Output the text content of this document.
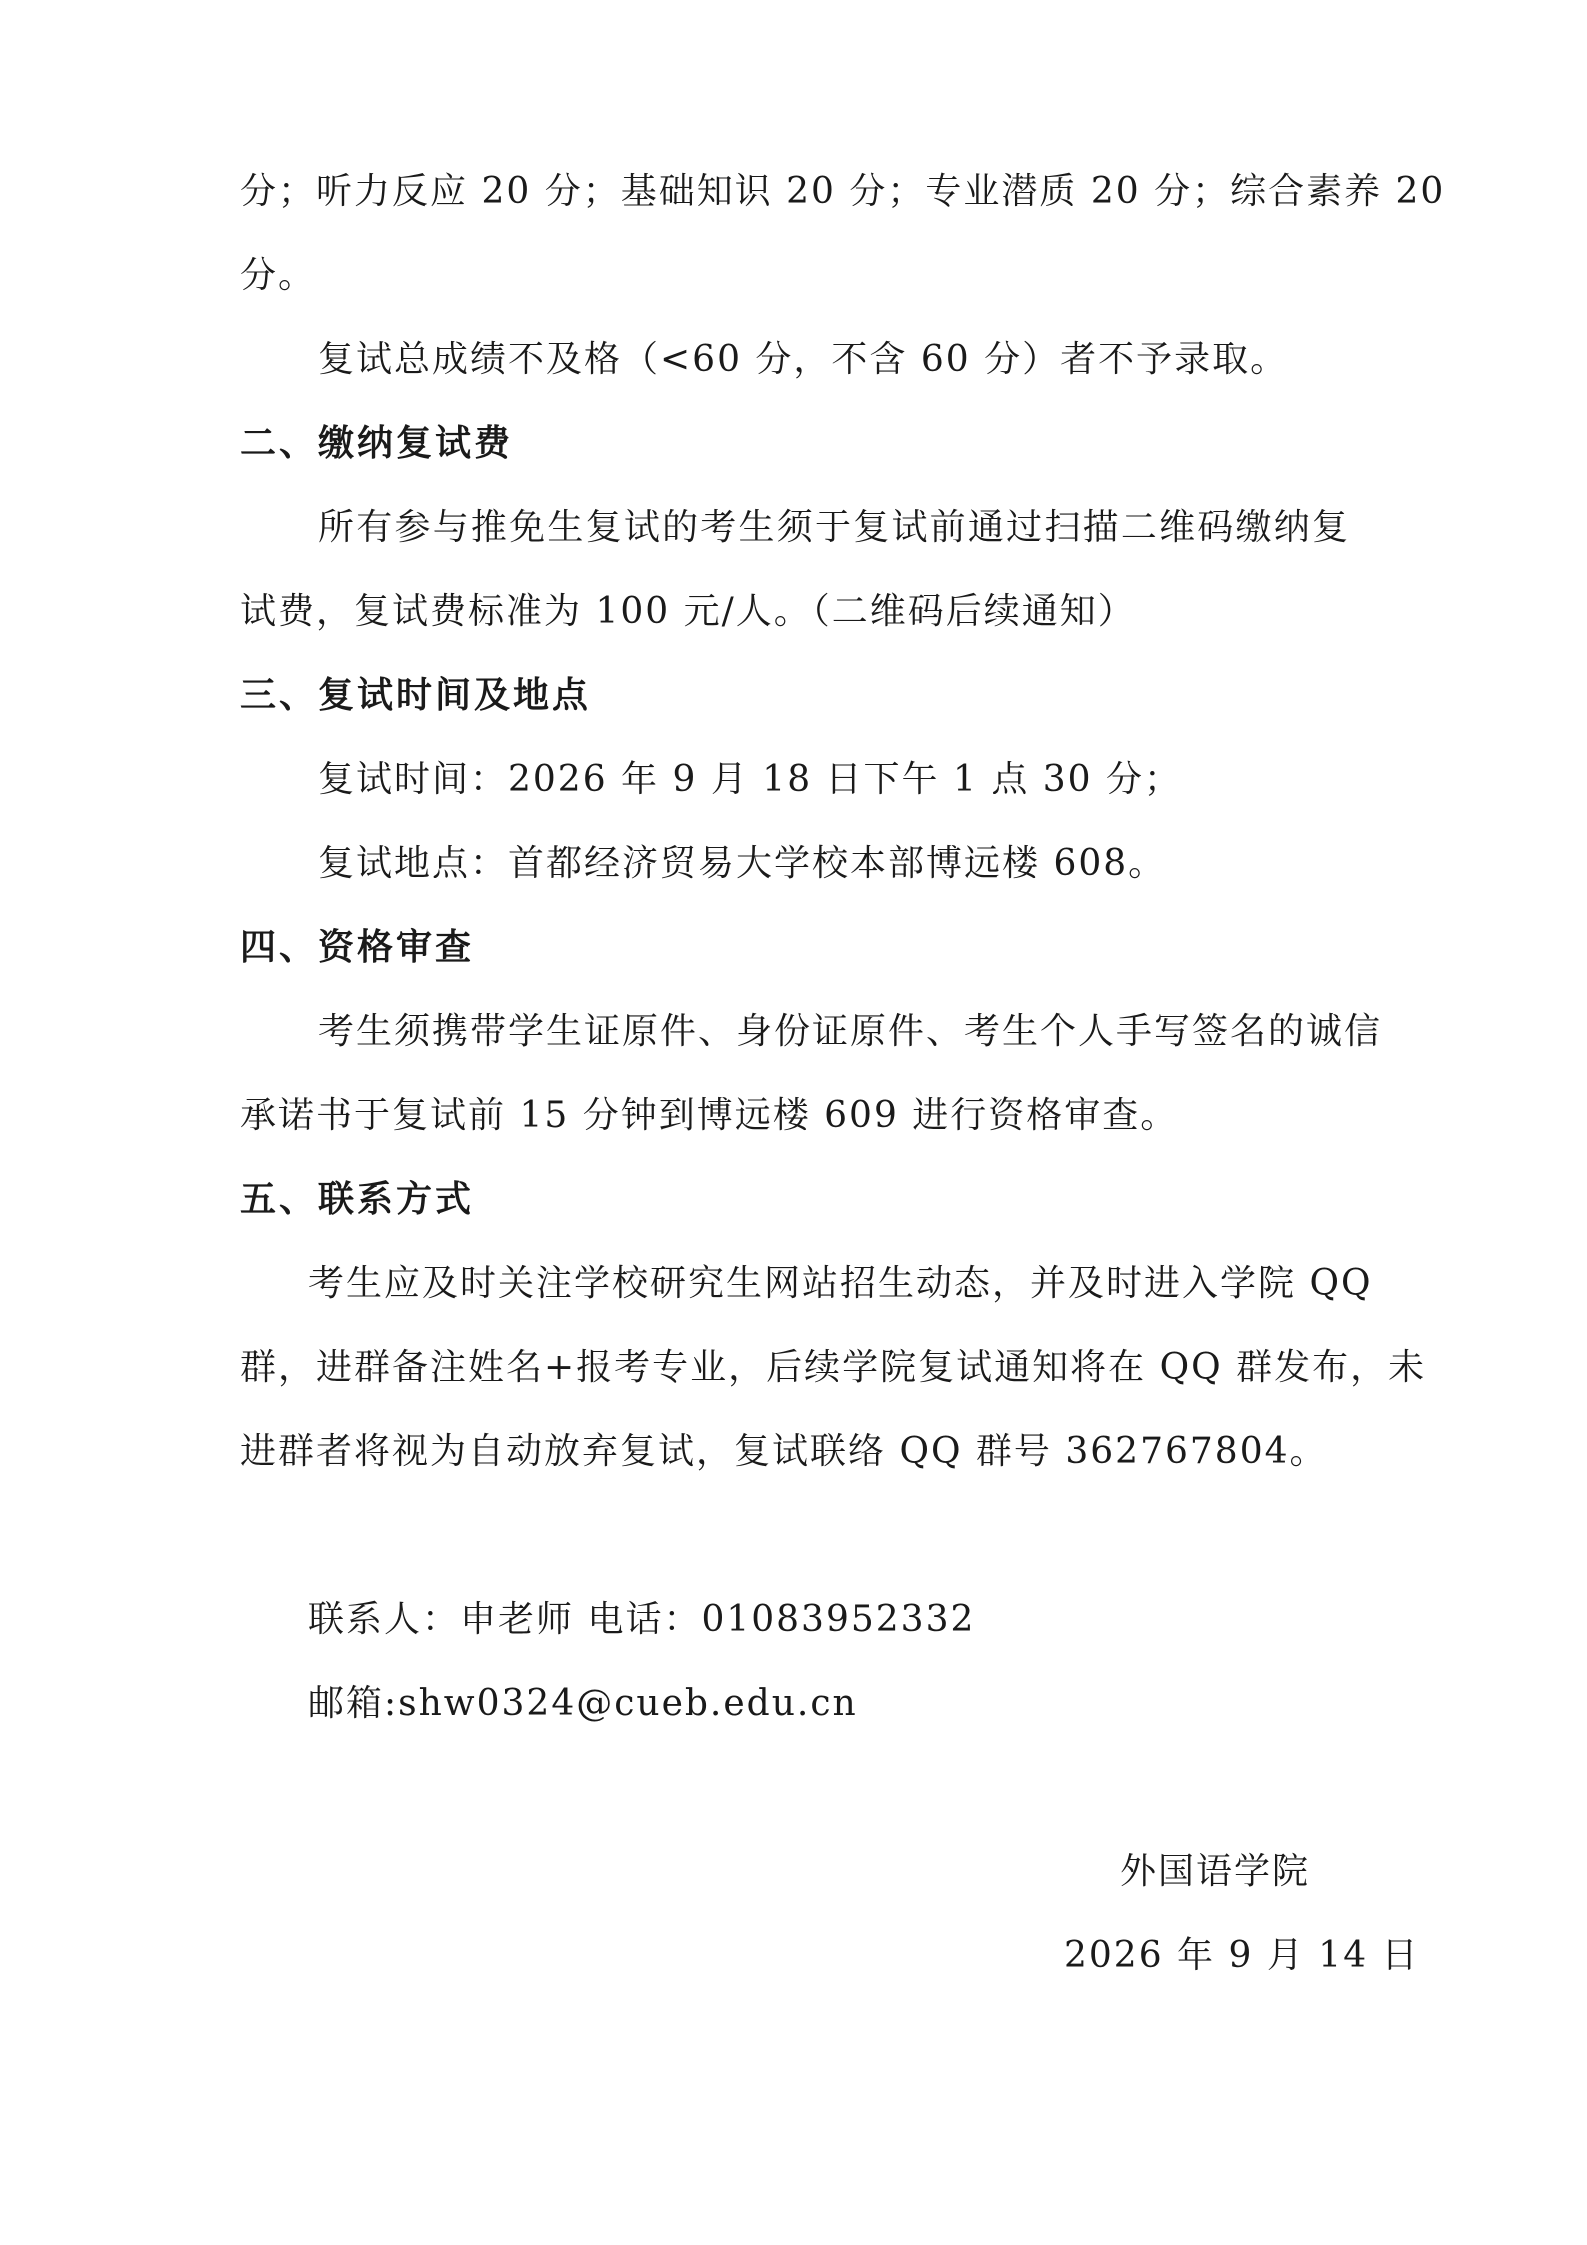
分；听力反应 20 分；基础知识 20 分；专业潜质 20 分；综合素养 20
分。
复试总成绩不及格（<60 分，不含 60 分）者不予录取。
二、缴纳复试费
所有参与推免生复试的考生须于复试前通过扫描二维码缴纳复
试费，复试费标准为 100 元/人。（二维码后续通知）
三、复试时间及地点
复试时间：2026 年 9 月 18 日下午 1 点 30 分；
复试地点：首都经济贸易大学校本部博远楼 608。
四、资格审查
考生须携带学生证原件、身份证原件、考生个人手写签名的诚信
承诺书于复试前 15 分钟到博远楼 609 进行资格审查。
五、联系方式
考生应及时关注学校研究生网站招生动态，并及时进入学院 QQ
群，进群备注姓名+报考专业，后续学院复试通知将在 QQ 群发布，未
进群者将视为自动放弃复试，复试联络 QQ 群号 362767804。
联系人：申老师 电话：01083952332
邮箱:shw0324@cueb.edu.cn
外国语学院
2026 年 9 月 14 日
